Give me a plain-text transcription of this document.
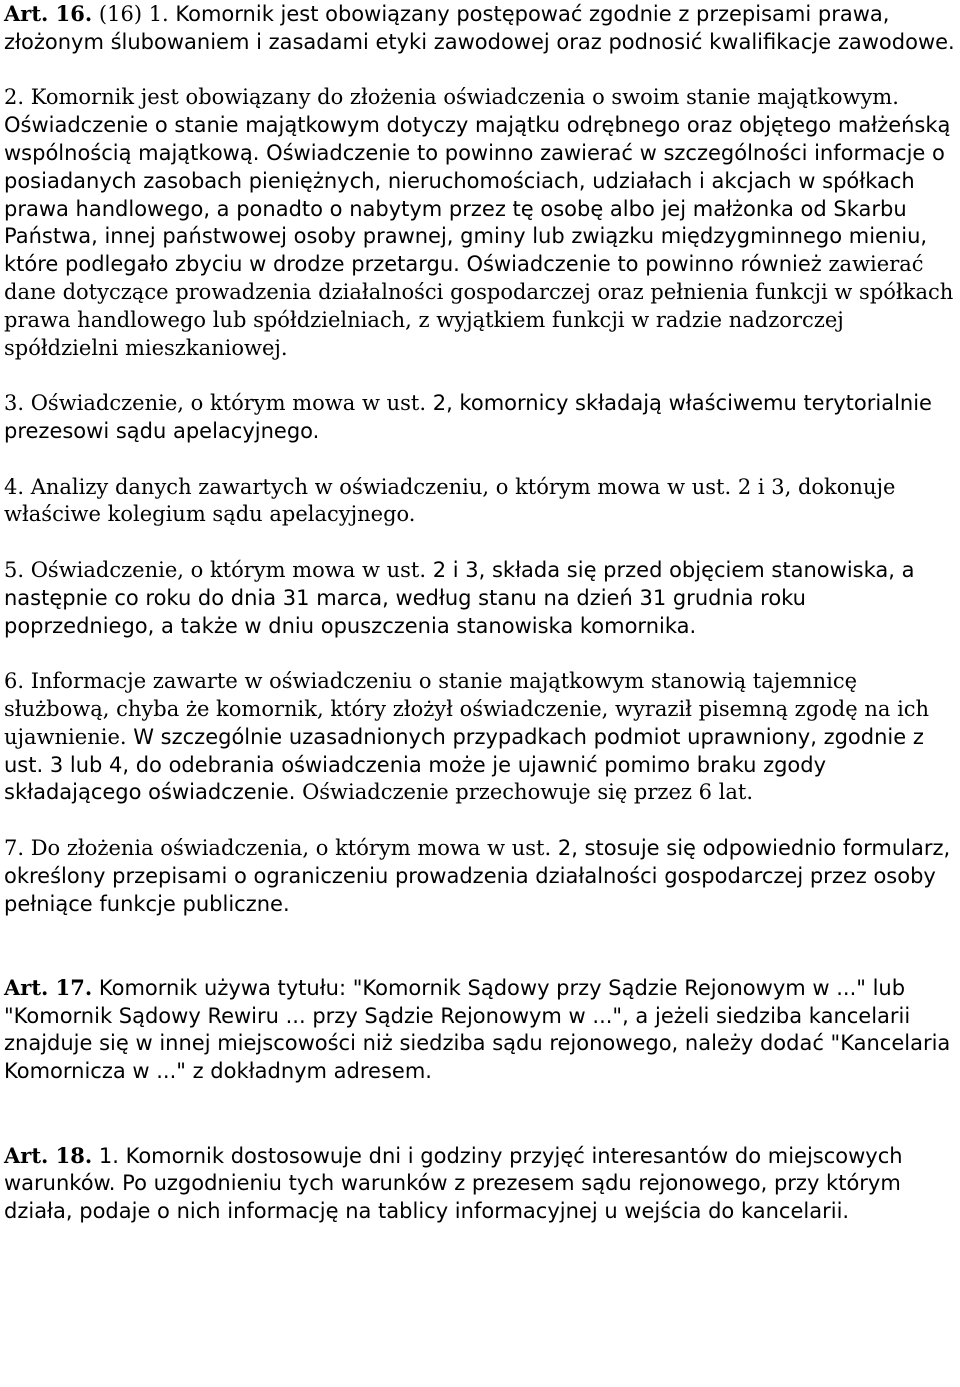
Art. 16. (16) 1. Komornik jest obowiązany postępować zgodnie z przepisami prawa, złożonym ślubowaniem i zasadami etyki zawodowej oraz podnosić kwalifikacje zawodowe.

2. Komornik jest obowiązany do złożenia oświadczenia o swoim stanie majątkowym. Oświadczenie o stanie majątkowym dotyczy majątku odrębnego oraz objętego małżeńską wspólnością majątkową. Oświadczenie to powinno zawierać w szczególności informacje o posiadanych zasobach pieniężnych, nieruchomościach, udziałach i akcjach w spółkach prawa handlowego, a ponadto o nabytym przez tę osobę albo jej małżonka od Skarbu Państwa, innej państwowej osoby prawnej, gminy lub związku międzygminnego mieniu, które podlegało zbyciu w drodze przetargu. Oświadczenie to powinno również zawierać dane dotyczące prowadzenia działalności gospodarczej oraz pełnienia funkcji w spółkach prawa handlowego lub spółdzielniach, z wyjątkiem funkcji w radzie nadzorczej spółdzielni mieszkaniowej.

3. Oświadczenie, o którym mowa w ust. 2, komornicy składają właściwemu terytorialnie prezesowi sądu apelacyjnego.

4. Analizy danych zawartych w oświadczeniu, o którym mowa w ust. 2 i 3, dokonuje właściwe kolegium sądu apelacyjnego.

5. Oświadczenie, o którym mowa w ust. 2 i 3, składa się przed objęciem stanowiska, a następnie co roku do dnia 31 marca, według stanu na dzień 31 grudnia roku poprzedniego, a także w dniu opuszczenia stanowiska komornika.

6. Informacje zawarte w oświadczeniu o stanie majątkowym stanowią tajemnicę służbową, chyba że komornik, który złożył oświadczenie, wyraził pisemną zgodę na ich ujawnienie. W szczególnie uzasadnionych przypadkach podmiot uprawniony, zgodnie z ust. 3 lub 4, do odebrania oświadczenia może je ujawnić pomimo braku zgody składającego oświadczenie. Oświadczenie przechowuje się przez 6 lat.

7. Do złożenia oświadczenia, o którym mowa w ust. 2, stosuje się odpowiednio formularz, określony przepisami o ograniczeniu prowadzenia działalności gospodarczej przez osoby pełniące funkcje publiczne.

Art. 17. Komornik używa tytułu: "Komornik Sądowy przy Sądzie Rejonowym w ..." lub "Komornik Sądowy Rewiru ... przy Sądzie Rejonowym w ...", a jeżeli siedziba kancelarii znajduje się w innej miejscowości niż siedziba sądu rejonowego, należy dodać "Kancelaria Komornicza w ..." z dokładnym adresem.

Art. 18. 1. Komornik dostosowuje dni i godziny przyjęć interesantów do miejscowych warunków. Po uzgodnieniu tych warunków z prezesem sądu rejonowego, przy którym działa, podaje o nich informację na tablicy informacyjnej u wejścia do kancelarii.
